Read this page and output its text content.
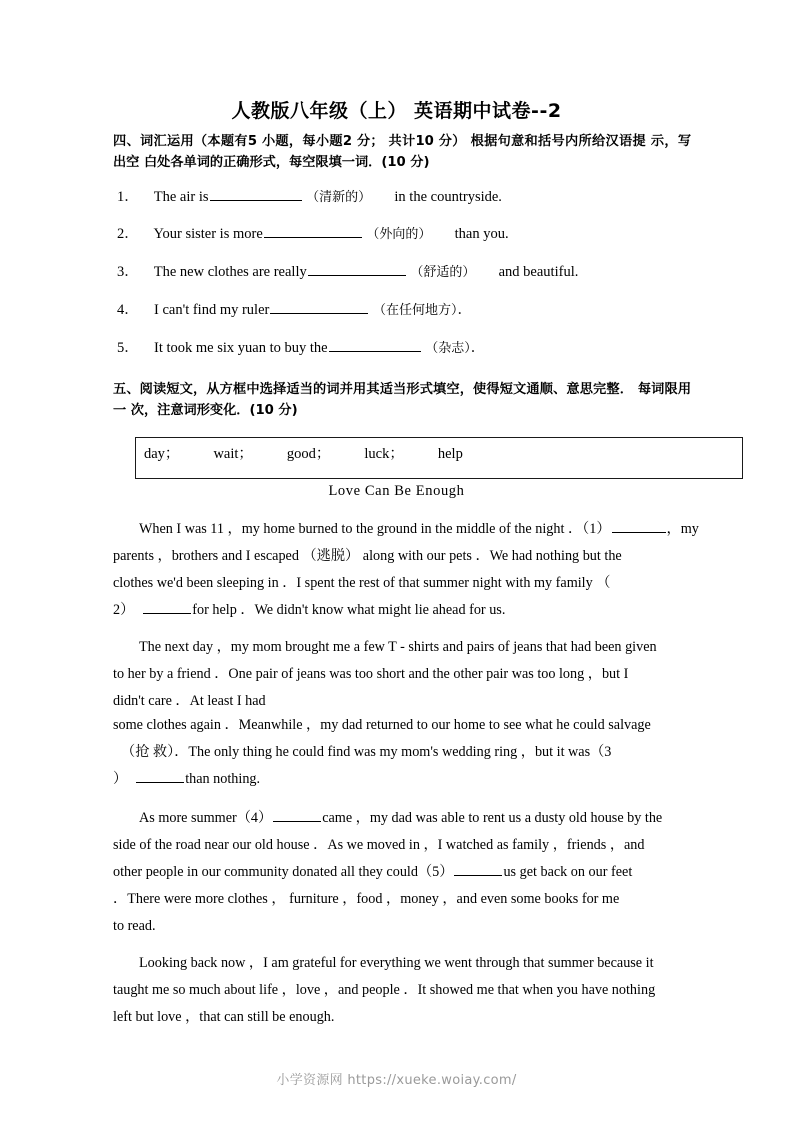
人教版八年级（上） 英语期中试卷--2
四、词汇运用（本题有5 小题，每小题2 分； 共计10 分） 根据句意和括号内所给汉语提 示，写出空 白处各单词的正确形式，每空限填一词．(10 分)
1． The air is	（清新的） in the countryside.
2． Your sister is more	（外向的） than you.
3． The new clothes are really	（舒适的） and beautiful.
4． I can't find my ruler	（在任何地方）．
5． It took me six yuan to buy the	（杂志）．
五、阅读短文，从方框中选择适当的词并用其适当形式填空，使得短文通顺、意思完整． 每词限用一 次，注意词形变化．(10 分)
day； wait； good； luck； help
Love Can Be Enough
When I was 11 ，my home burned to the ground in the middle of the night ．（1）	，my
parents ，brothers and I escaped （逃脱） along with our pets ．We had nothing but the
clothes we'd been sleeping in ．I spent the rest of that summer night with my family （
2）	for help ．We didn't know what might lie ahead for us.
The next day ，my mom brought me a few T - shirts and pairs of jeans that had been given
to her by a friend ．One pair of jeans was too short and the other pair was too long ，but I
didn't care ．At least I had
some clothes again ．Meanwhile ，my dad returned to our home to see what he could salvage
（抢 救）．The only thing he could find was my mom's wedding ring ，but it was（3
）	than nothing.
As more summer（4）	came ，my dad was able to rent us a dusty old house by the
side of the road near our old house ．As we moved in ，I watched as family ，friends ，and
other people in our community donated all they could（5）	us get back on our feet
．There were more clothes ， furniture ，food ，money ，and even some books for me
to read.
Looking back now ，I am grateful for everything we went through that summer because it
taught me so much about life ，love ，and people ．It showed me that when you have nothing
left but love ，that can still be enough.
小学资源网 https://xueke.woiay.com/
